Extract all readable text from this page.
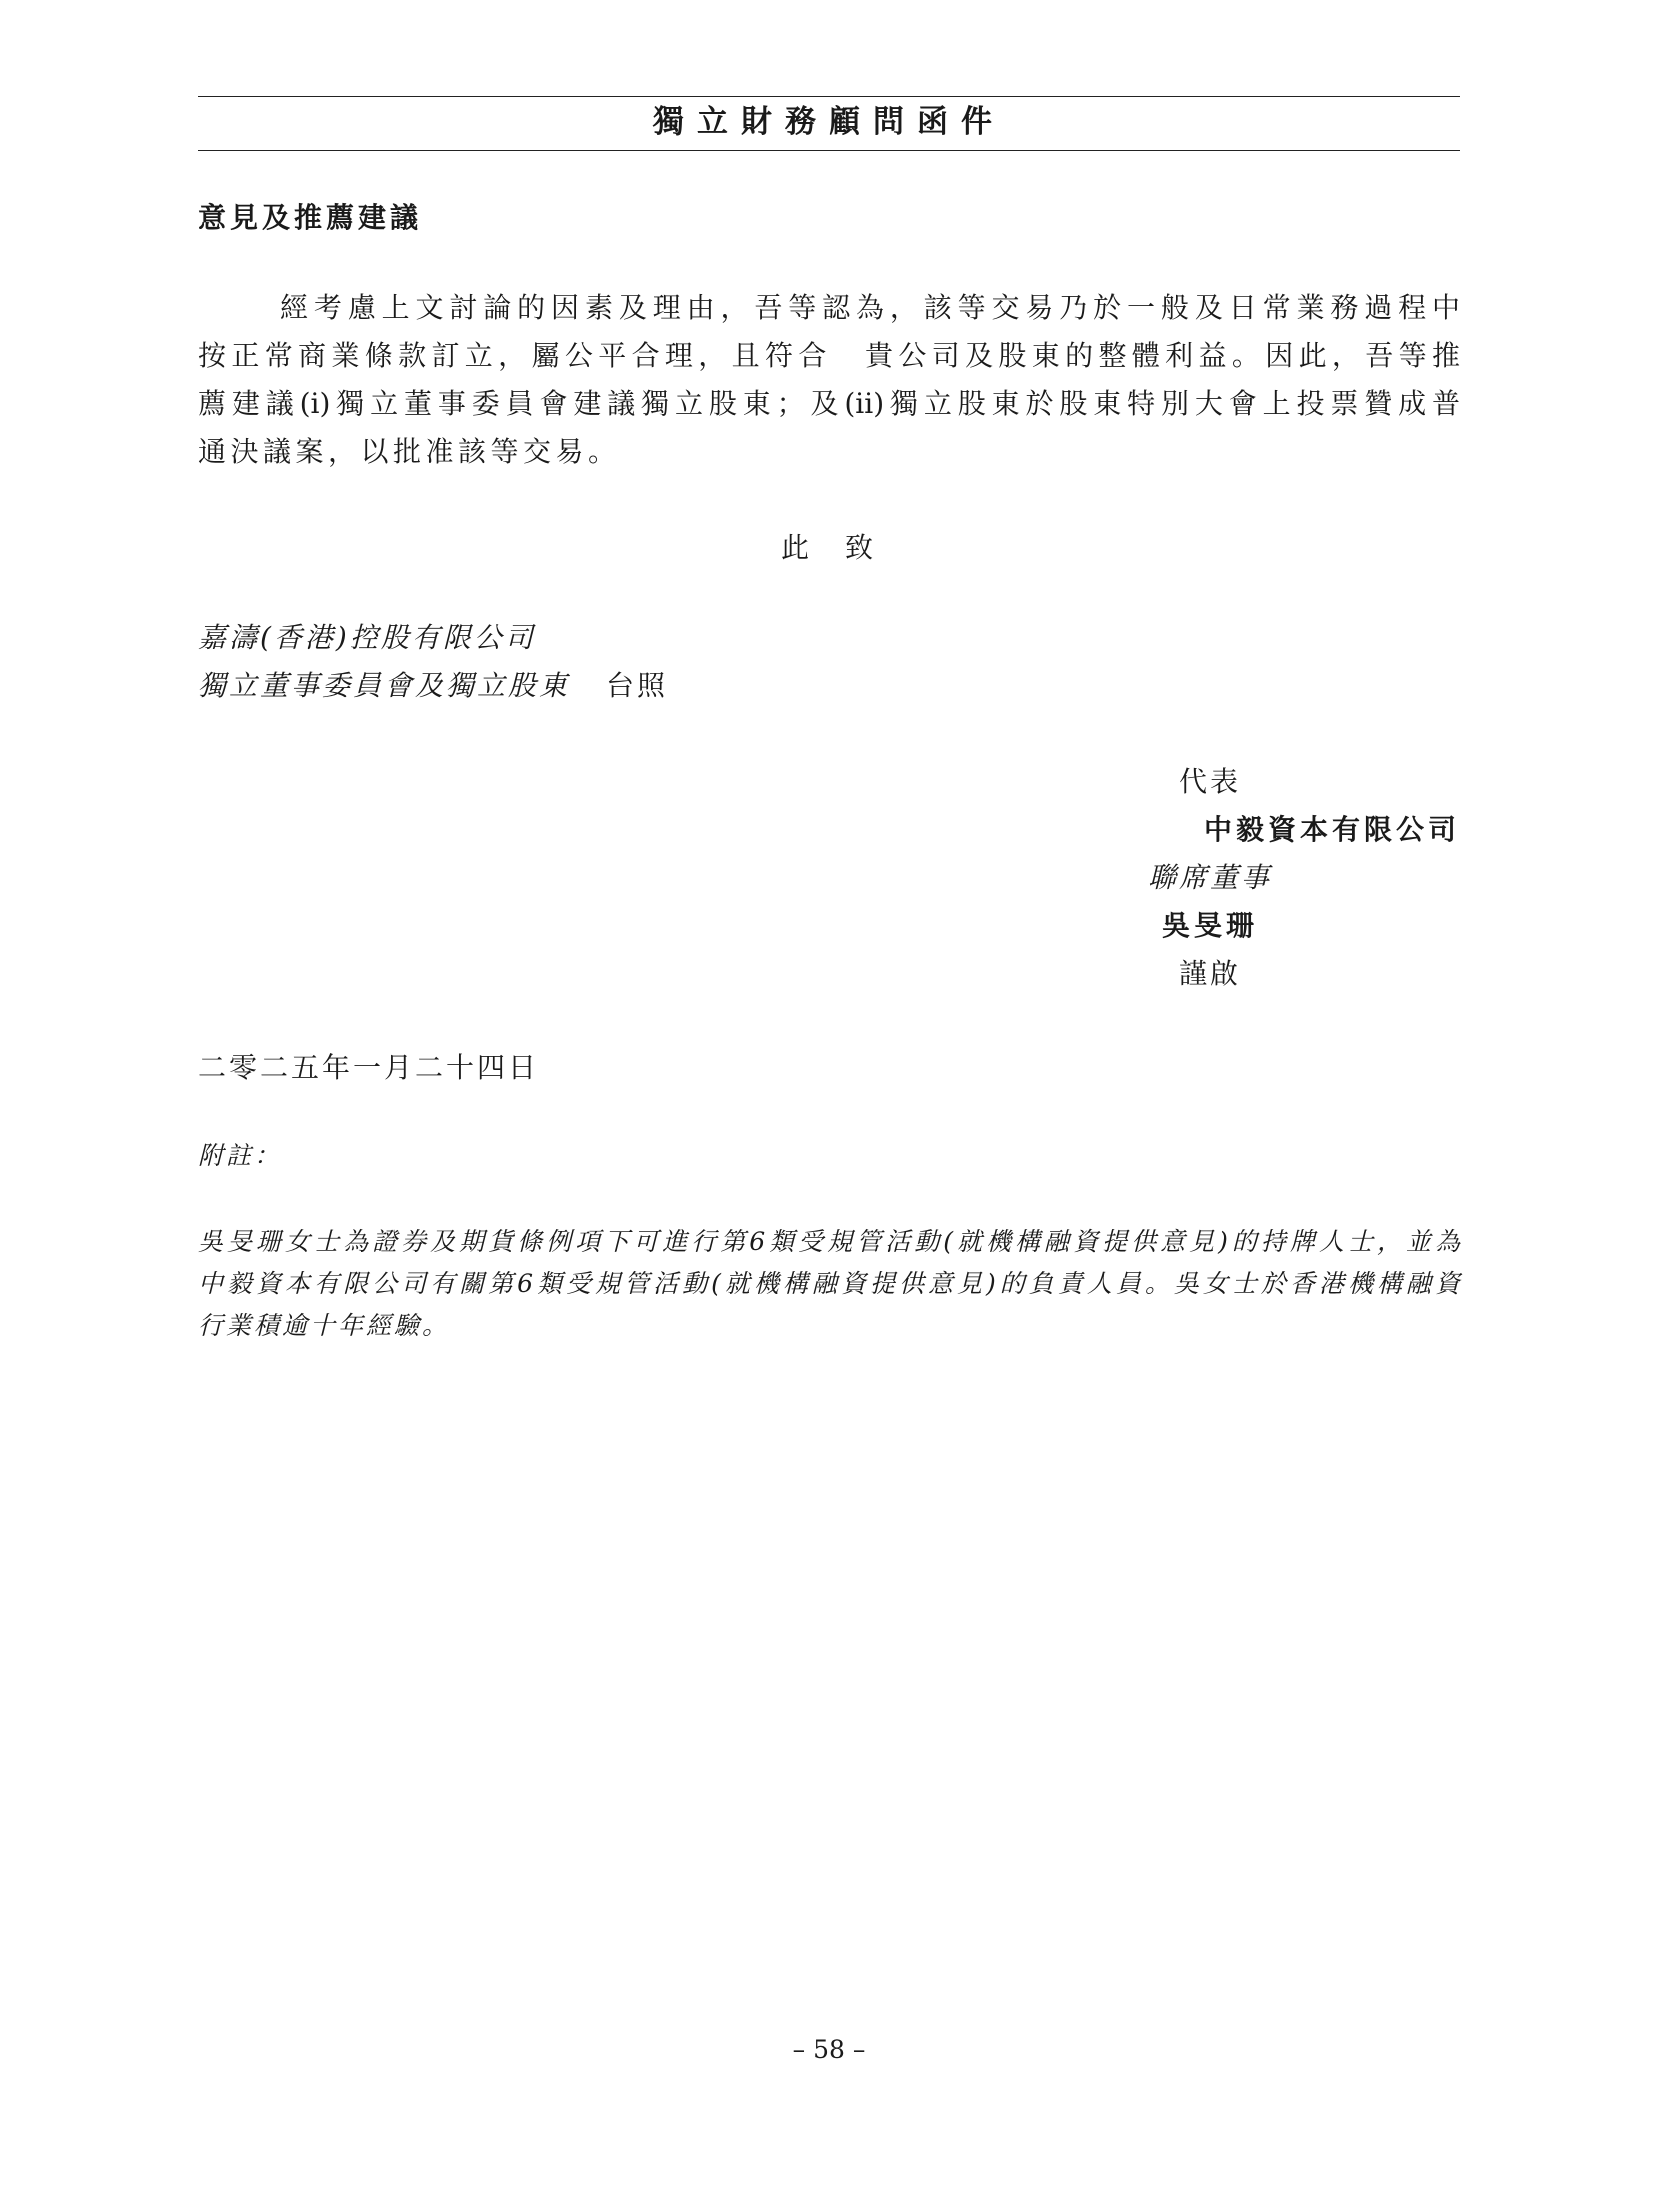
獨立財務顧問函件
意見及推薦建議
經考慮上文討論的因素及理由，吾等認為，該等交易乃於一般及日常業務過程中
按正常商業條款訂立，屬公平合理，且符合　貴公司及股東的整體利益。因此，吾等推
薦建議(i)獨立董事委員會建議獨立股東；及(ii)獨立股東於股東特別大會上投票贊成普
通決議案，以批准該等交易。
此　致
嘉濤(香港)控股有限公司
獨立董事委員會及獨立股東 台照
代表
中毅資本有限公司
聯席董事
吳旻珊
謹啟
二零二五年一月二十四日
附註：
吳旻珊女士為證券及期貨條例項下可進行第6類受規管活動(就機構融資提供意見)的持牌人士，並為
中毅資本有限公司有關第6類受規管活動(就機構融資提供意見)的負責人員。吳女士於香港機構融資
行業積逾十年經驗。
– 58 –
